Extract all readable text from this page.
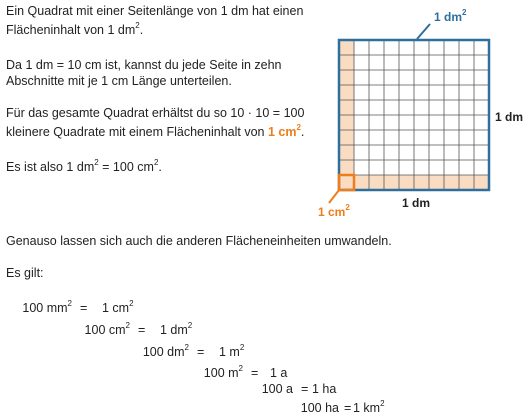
Ein Quadrat mit einer Seitenlänge von 1 dm hat einen

Flächeninhalt von 1 $dm^2$.

Da 1 dm = 10 cm ist, kannst du jede Seite in zehn

Abschnitte mit je 1 cm Länge unterteilen.

Für das gesamte Quadrat erhältst du so 10 · 10 = 100

kleinere Quadrate mit einem Flächeninhalt von 1 $cm^2$.

Es ist also 1 $dm^2 = 100$ $cm^2$.

Genauso lassen sich auch die anderen Flächeneinheiten umwandeln.

Es gilt:

1 $dm^2$
1 dm
1 dm
1 $cm^2$
100 $mm^2 = 1$ $cm^2$
100 $cm^2 = 1$ $dm^2$
100 $dm^2 = 1$ $m^2$
100 $m^2 = 1$ a
100 a = 1 ha
100 ha = 1 $km^2$
